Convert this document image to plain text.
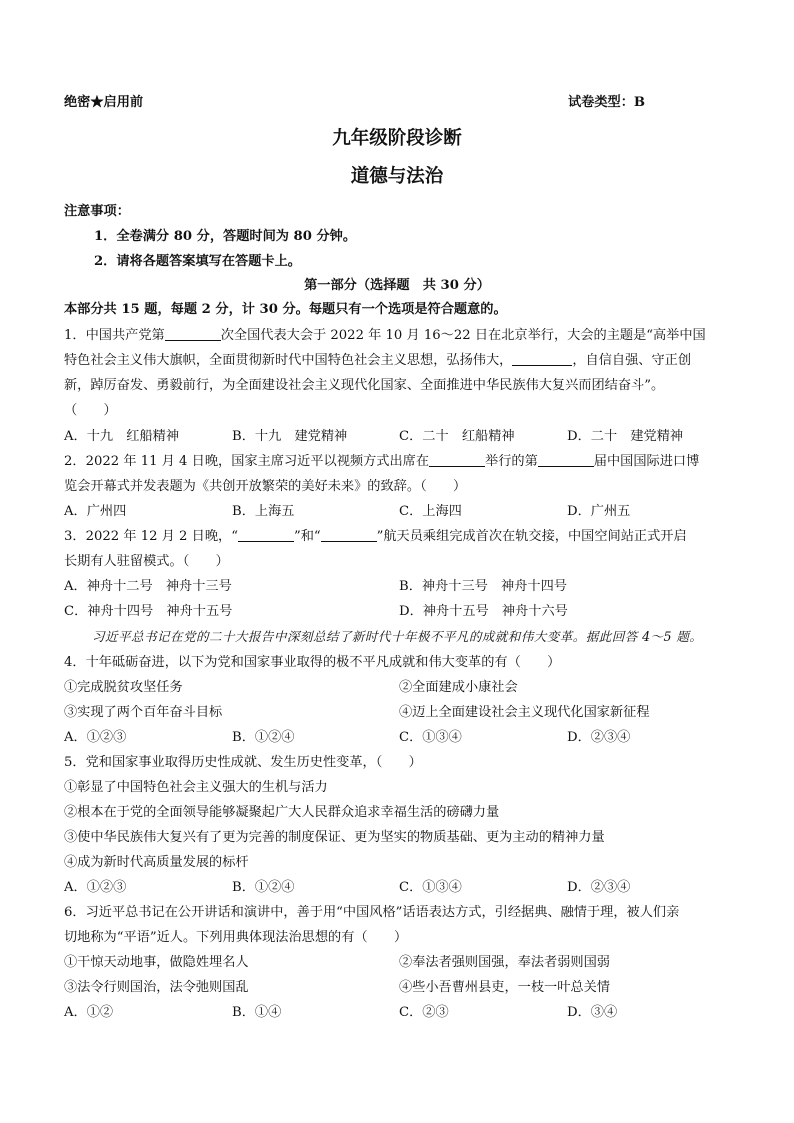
绝密★启用前	试卷类型：B
九年级阶段诊断
道德与法治
注意事项：
1．全卷满分 80 分，答题时间为 80 分钟。
2．请将各题答案填写在答题卡上。
第一部分（选择题　共 30 分）
本部分共 15 题，每题 2 分，计 30 分。每题只有一个选项是符合题意的。
1．中国共产党第	次全国代表大会于 2022 年 10 月 16～22 日在北京举行，大会的主题是“高举中国
特色社会主义伟大旗帜，全面贯彻新时代中国特色社会主义思想，弘扬伟大，	，自信自强、守正创
新，踔厉奋发、勇毅前行，为全面建设社会主义现代化国家、全面推进中华民族伟大复兴而团结奋斗”。
（　　）
A．十九　红船精神	B．十九　建党精神	C．二十　红船精神	D．二十　建党精神
2．2022 年 11 月 4 日晚，国家主席习近平以视频方式出席在	举行的第	届中国国际进口博
览会开幕式并发表题为《共创开放繁荣的美好未来》的致辞。（　　）
A．广州四	B．上海五	C．上海四	D．广州五
3．2022 年 12 月 2 日晚，“	”和“	”航天员乘组完成首次在轨交接，中国空间站正式开启
长期有人驻留模式。（　　）
A．神舟十二号　神舟十三号	B．神舟十三号　神舟十四号
C．神舟十四号　神舟十五号	D．神舟十五号　神舟十六号
习近平总书记在党的二十大报告中深刻总结了新时代十年极不平凡的成就和伟大变革。据此回答 4～5 题。
4．十年砥砺奋进，以下为党和国家事业取得的极不平凡成就和伟大变革的有（　　）
①完成脱贫攻坚任务	②全面建成小康社会
③实现了两个百年奋斗目标	④迈上全面建设社会主义现代化国家新征程
A．①②③	B．①②④	C．①③④	D．②③④
5．党和国家事业取得历史性成就、发生历史性变革，（　　）
①彰显了中国特色社会主义强大的生机与活力
②根本在于党的全面领导能够凝聚起广大人民群众追求幸福生活的磅礴力量
③使中华民族伟大复兴有了更为完善的制度保证、更为坚实的物质基础、更为主动的精神力量
④成为新时代高质量发展的标杆
A．①②③	B．①②④	C．①③④	D．②③④
6．习近平总书记在公开讲话和演讲中，善于用“中国风格”话语表达方式，引经据典、融情于理，被人们亲
切地称为“平语”近人。下列用典体现法治思想的有（　　）
①干惊天动地事，做隐姓埋名人	②奉法者强则国强，奉法者弱则国弱
③法令行则国治，法令弛则国乱	④些小吾曹州县吏，一枝一叶总关情
A．①②	B．①④	C．②③	D．③④
